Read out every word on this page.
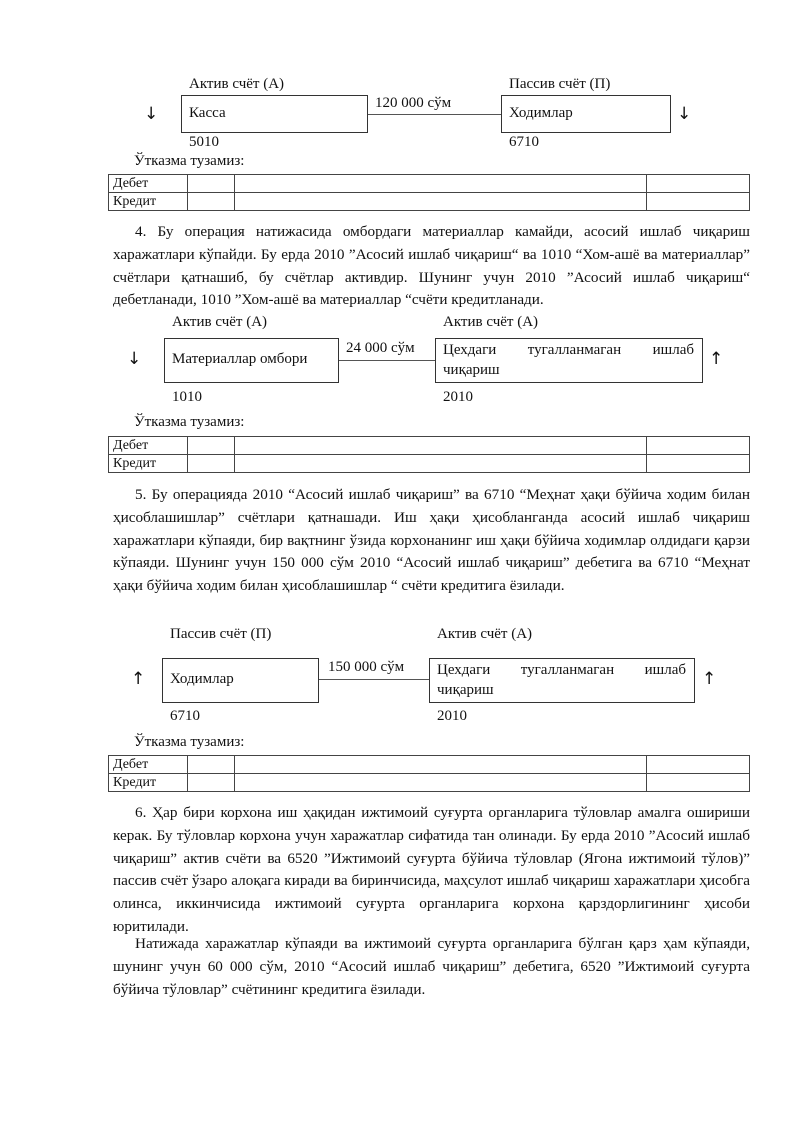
Актив счёт (А)	Пассив счёт (П)
↓ Касса
120 000 сўм
Ходимлар	↓
5010	6710
Ўтказма тузамиз:
Дебет			
Кредит			
4. Бу операция натижасида омбордаги материаллар камайди, асосий ишлаб чиқариш харажатлари кўпайди. Бу ерда 2010 ”Асосий ишлаб чиқариш“ ва 1010 “Хом-ашё ва материаллар” счётлари қатнашиб, бу счётлар активдир. Шунинг учун 2010 ”Асосий ишлаб чиқариш“ дебетланади, 1010 ”Хом-ашё ва материаллар “счёти кредитланади.
Актив счёт (А)	Актив счёт (А)
↓ Материаллар омбори
24 000 сўм Цехдаги тугалланмаган ишлаб
чиқариш
↑
1010	2010
Ўтказма тузамиз:
Дебет			
Кредит			
5. Бу операцияда 2010 “Асосий ишлаб чиқариш” ва 6710 “Меҳнат ҳақи бўйича ходим билан ҳисоблашишлар” счётлари қатнашади. Иш ҳақи ҳисобланганда асосий ишлаб чиқариш харажатлари кўпаяди, бир вақтнинг ўзида корхонанинг иш ҳақи бўйича ходимлар олдидаги қарзи кўпаяди. Шунинг учун 150 000 сўм 2010 “Асосий ишлаб чиқариш” дебетига ва 6710 “Меҳнат ҳақи бўйича ходим билан ҳисоблашишлар “ счёти кредитига ёзилади.
Пассив счёт (П)	Актив счёт (А)
↑ Ходимлар
150 000 сўм Цехдаги тугалланмаган ишлаб
чиқариш
↑
6710	2010
Ўтказма тузамиз:
Дебет			
Кредит			
6. Ҳар бири корхона иш ҳақидан ижтимоий суғурта органларига тўловлар амалга ошириши керак. Бу тўловлар корхона учун харажатлар сифатида тан олинади. Бу ерда 2010 ”Асосий ишлаб чиқариш” актив счёти ва 6520 ”Ижтимоий суғурта бўйича тўловлар (Ягона ижтимоий тўлов)” пассив счёт ўзаро алоқага киради ва биринчисида, маҳсулот ишлаб чиқариш харажатлари ҳисобга олинса, иккинчисида ижтимоий суғурта органларига корхона қарздорлигининг ҳисоби юритилади.
Натижада харажатлар кўпаяди ва ижтимоий суғурта органларига бўлган қарз ҳам кўпаяди, шунинг учун 60 000 сўм, 2010 “Асосий ишлаб чиқариш” дебетига, 6520 ”Ижтимоий суғурта бўйича тўловлар” счётининг кредитига ёзилади.
